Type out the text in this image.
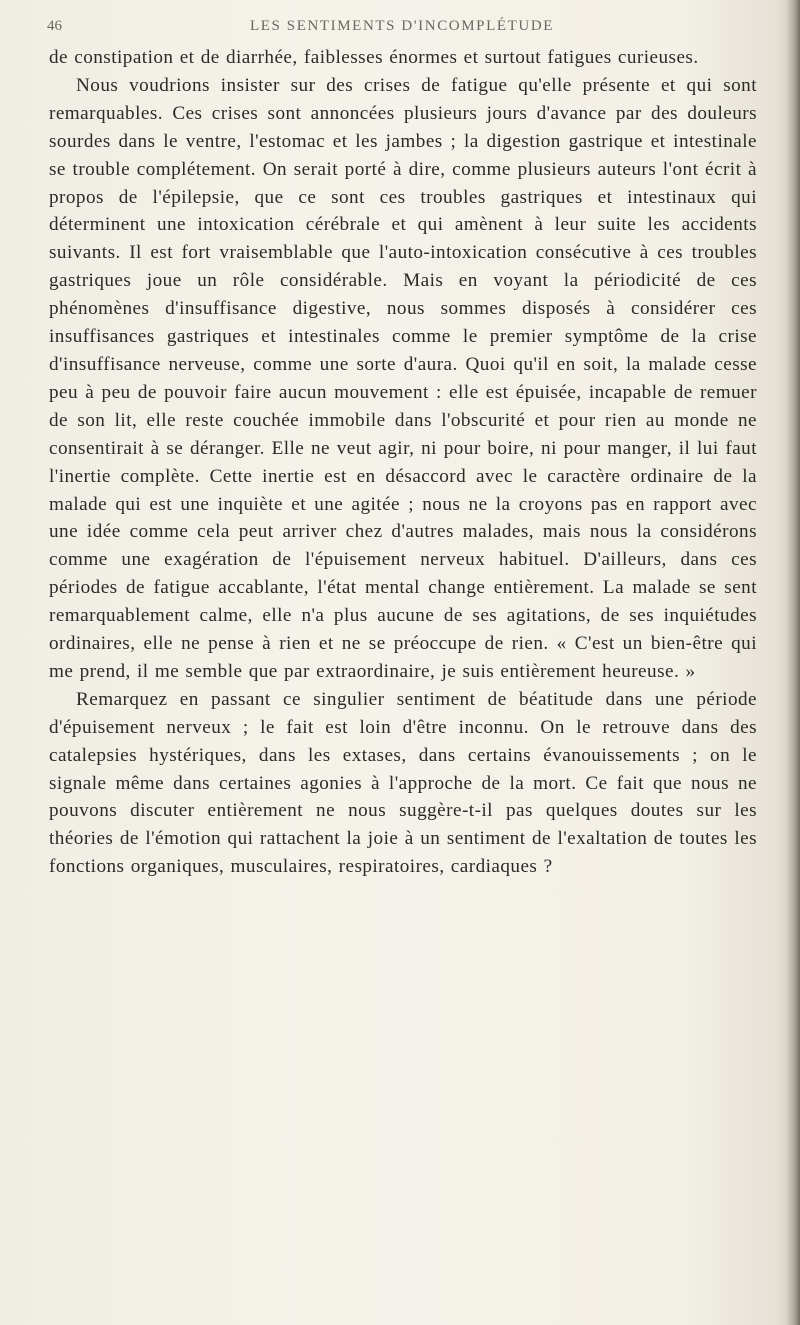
46	LES SENTIMENTS D'INCOMPLÉTUDE

de constipation et de diarrhée, faiblesses énormes et surtout fatigues curieuses.

Nous voudrions insister sur des crises de fatigue qu'elle présente et qui sont remarquables. Ces crises sont annoncées plusieurs jours d'avance par des douleurs sourdes dans le ventre, l'estomac et les jambes ; la digestion gastrique et intestinale se trouble complétement. On serait porté à dire, comme plusieurs auteurs l'ont écrit à propos de l'épilepsie, que ce sont ces troubles gastriques et intestinaux qui déterminent une intoxication cérébrale et qui amènent à leur suite les accidents suivants. Il est fort vraisemblable que l'auto-intoxication consécutive à ces troubles gastriques joue un rôle considérable. Mais en voyant la périodicité de ces phénomènes d'insuffisance digestive, nous sommes disposés à considérer ces insuffisances gastriques et intestinales comme le premier symptôme de la crise d'insuffisance nerveuse, comme une sorte d'aura. Quoi qu'il en soit, la malade cesse peu à peu de pouvoir faire aucun mouvement : elle est épuisée, incapable de remuer de son lit, elle reste couchée immobile dans l'obscurité et pour rien au monde ne consentirait à se déranger. Elle ne veut agir, ni pour boire, ni pour manger, il lui faut l'inertie complète. Cette inertie est en désaccord avec le caractère ordinaire de la malade qui est une inquiète et une agitée ; nous ne la croyons pas en rapport avec une idée comme cela peut arriver chez d'autres malades, mais nous la considérons comme une exagération de l'épuisement nerveux habituel. D'ailleurs, dans ces périodes de fatigue accablante, l'état mental change entièrement. La malade se sent remarquablement calme, elle n'a plus aucune de ses agitations, de ses inquiétudes ordinaires, elle ne pense à rien et ne se préoccupe de rien. « C'est un bien-être qui me prend, il me semble que par extraordinaire, je suis entièrement heureuse. »

Remarquez en passant ce singulier sentiment de béatitude dans une période d'épuisement nerveux ; le fait est loin d'être inconnu. On le retrouve dans des catalepsies hystériques, dans les extases, dans certains évanouissements ; on le signale même dans certaines agonies à l'approche de la mort. Ce fait que nous ne pouvons discuter entièrement ne nous suggère-t-il pas quelques doutes sur les théories de l'émotion qui rattachent la joie à un sentiment de l'exaltation de toutes les fonctions organiques, musculaires, respiratoires, cardiaques ?
